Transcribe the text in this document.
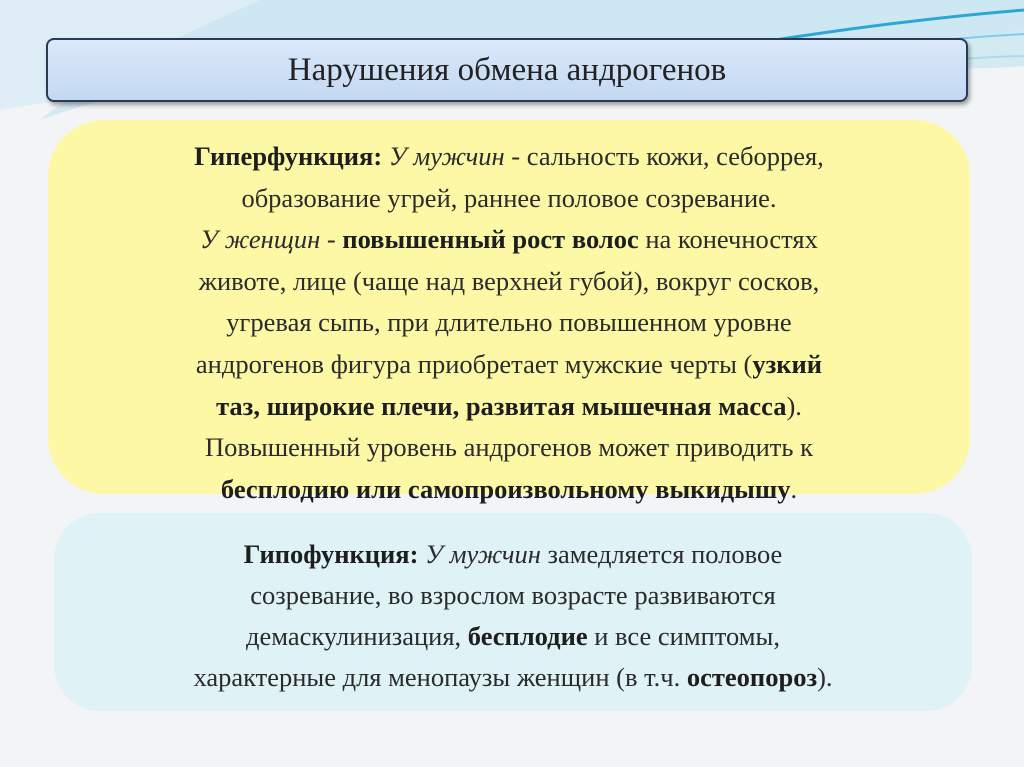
Нарушения обмена андрогенов
Гиперфункция: У мужчин - сальность кожи, себоррея,
образование угрей, раннее половое созревание.
У женщин - повышенный рост волос на конечностях
животе, лице (чаще над верхней губой), вокруг сосков,
угревая сыпь, при длительно повышенном уровне
андрогенов фигура приобретает мужские черты (узкий
таз, широкие плечи, развитая мышечная масса).
Повышенный уровень андрогенов может приводить к
бесплодию или самопроизвольному выкидышу.
Гипофункция: У мужчин замедляется половое
созревание, во взрослом возрасте развиваются
демаскулинизация, бесплодие и все симптомы,
характерные для менопаузы женщин (в т.ч. остеопороз).
